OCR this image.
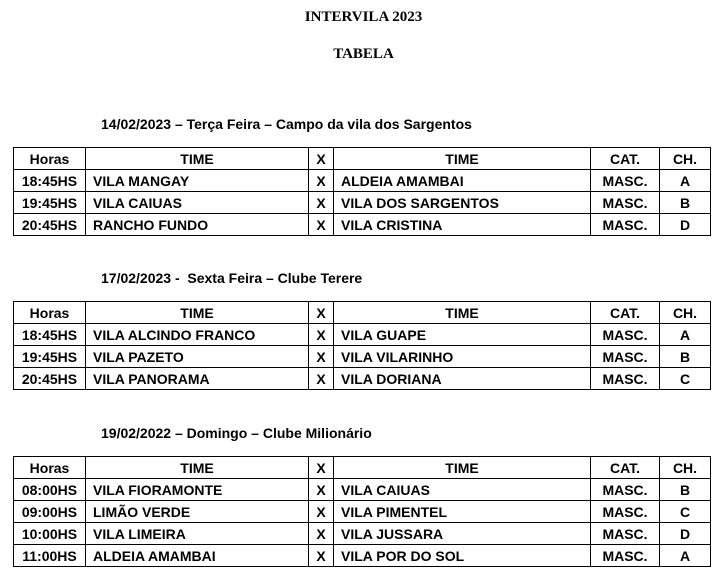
INTERVILA 2023
TABELA
14/02/2023 – Terça Feira – Campo da vila dos Sargentos
Horas	TIME	X	TIME	CAT.	CH.
18:45HS	VILA MANGAY	X	ALDEIA AMAMBAI	MASC.	A
19:45HS	VILA CAIUAS	X	VILA DOS SARGENTOS	MASC.	B
20:45HS	RANCHO FUNDO	X	VILA CRISTINA	MASC.	D
17/02/2023 -  Sexta Feira – Clube Terere
Horas	TIME	X	TIME	CAT.	CH.
18:45HS	VILA ALCINDO FRANCO	X	VILA GUAPE	MASC.	A
19:45HS	VILA PAZETO	X	VILA VILARINHO	MASC.	B
20:45HS	VILA PANORAMA	X	VILA DORIANA	MASC.	C
19/02/2022 – Domingo – Clube Milionário
Horas	TIME	X	TIME	CAT.	CH.
08:00HS	VILA FIORAMONTE	X	VILA CAIUAS	MASC.	B
09:00HS	LIMÃO VERDE	X	VILA PIMENTEL	MASC.	C
10:00HS	VILA LIMEIRA	X	VILA JUSSARA	MASC.	D
11:00HS	ALDEIA AMAMBAI	X	VILA POR DO SOL	MASC.	A
